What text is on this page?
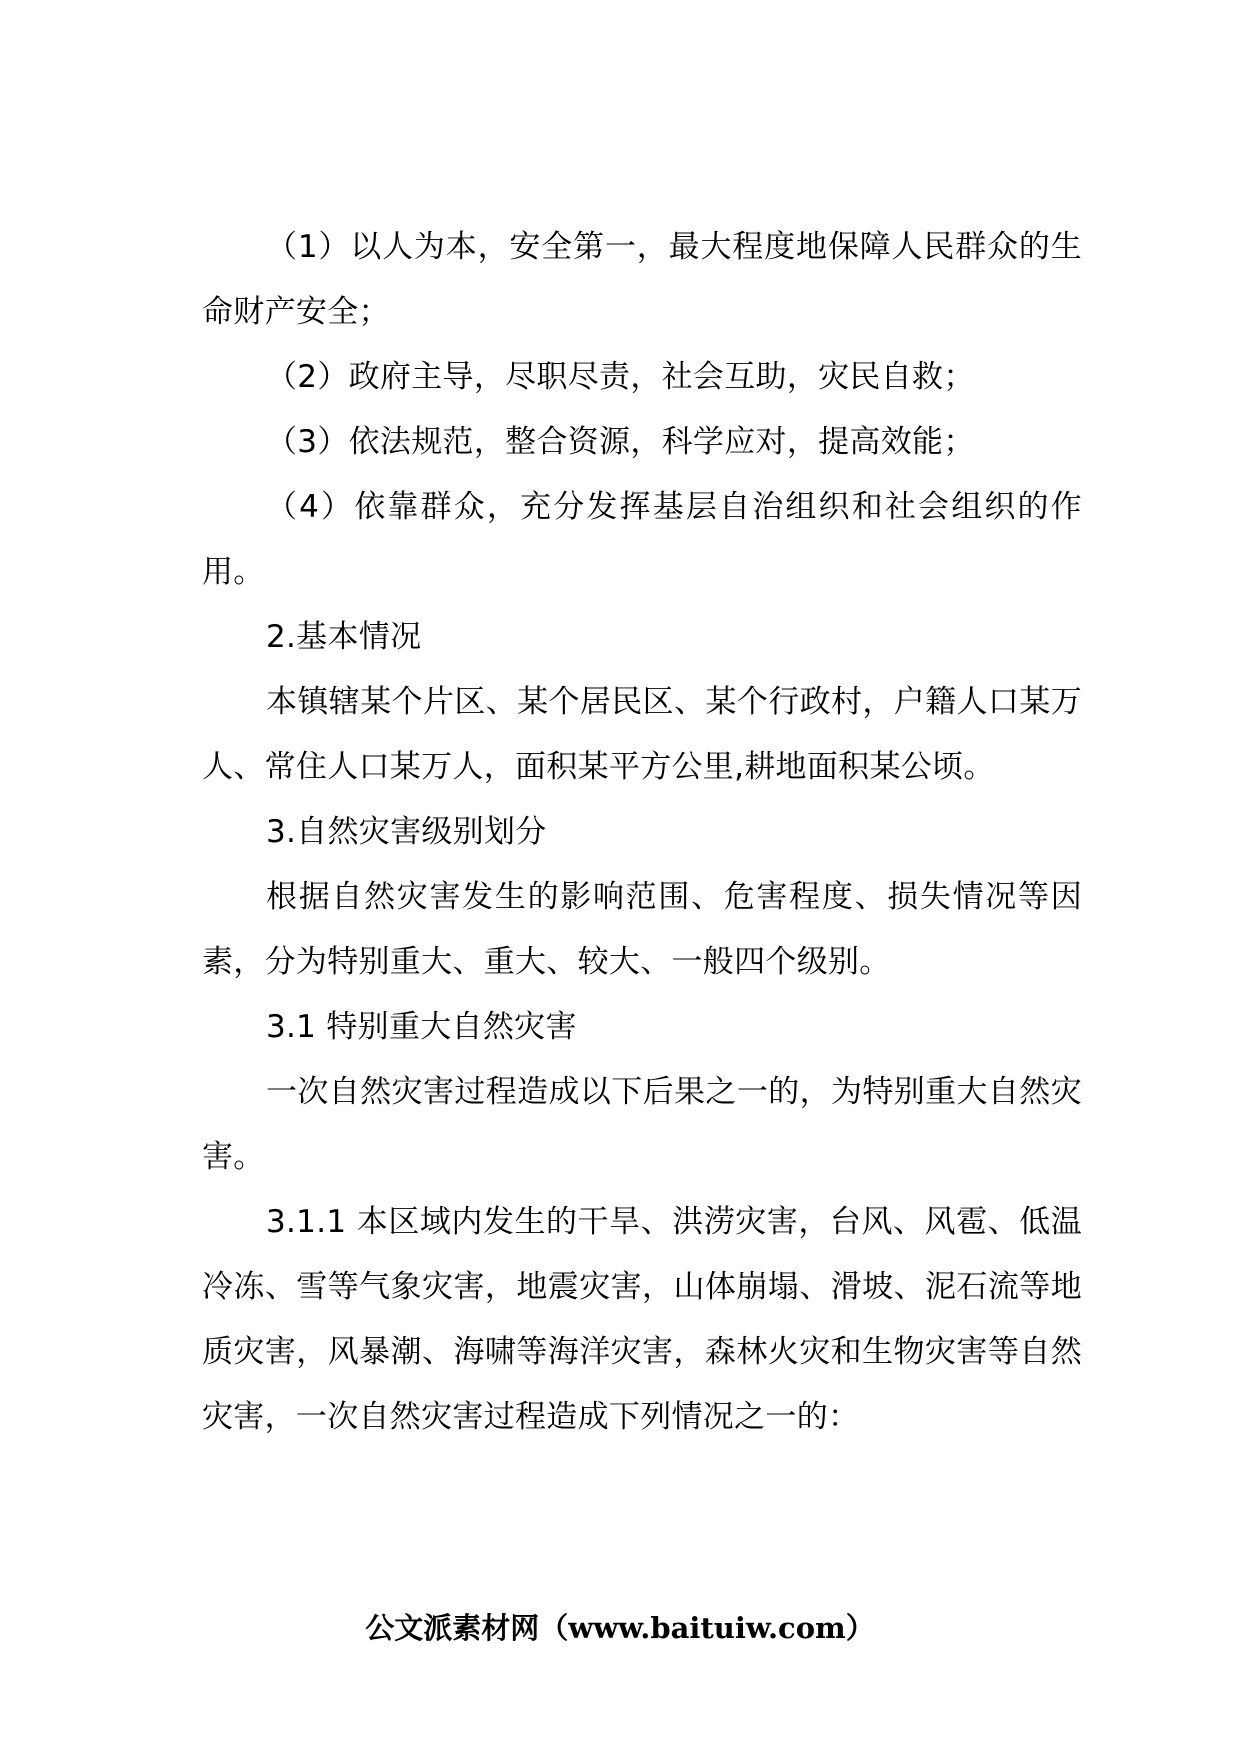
（1）以人为本，安全第一，最大程度地保障人民群众的生命财产安全；

（2）政府主导，尽职尽责，社会互助，灾民自救；

（3）依法规范，整合资源，科学应对，提高效能；

（4）依靠群众，充分发挥基层自治组织和社会组织的作用。

2.基本情况

本镇辖某个片区、某个居民区、某个行政村，户籍人口某万人、常住人口某万人，面积某平方公里,耕地面积某公顷。

3.自然灾害级别划分

根据自然灾害发生的影响范围、危害程度、损失情况等因素，分为特别重大、重大、较大、一般四个级别。

3.1 特别重大自然灾害

一次自然灾害过程造成以下后果之一的，为特别重大自然灾害。

3.1.1 本区域内发生的干旱、洪涝灾害，台风、风雹、低温冷冻、雪等气象灾害，地震灾害，山体崩塌、滑坡、泥石流等地质灾害，风暴潮、海啸等海洋灾害，森林火灾和生物灾害等自然灾害，一次自然灾害过程造成下列情况之一的：

公文派素材网（www.baituiw.com）
